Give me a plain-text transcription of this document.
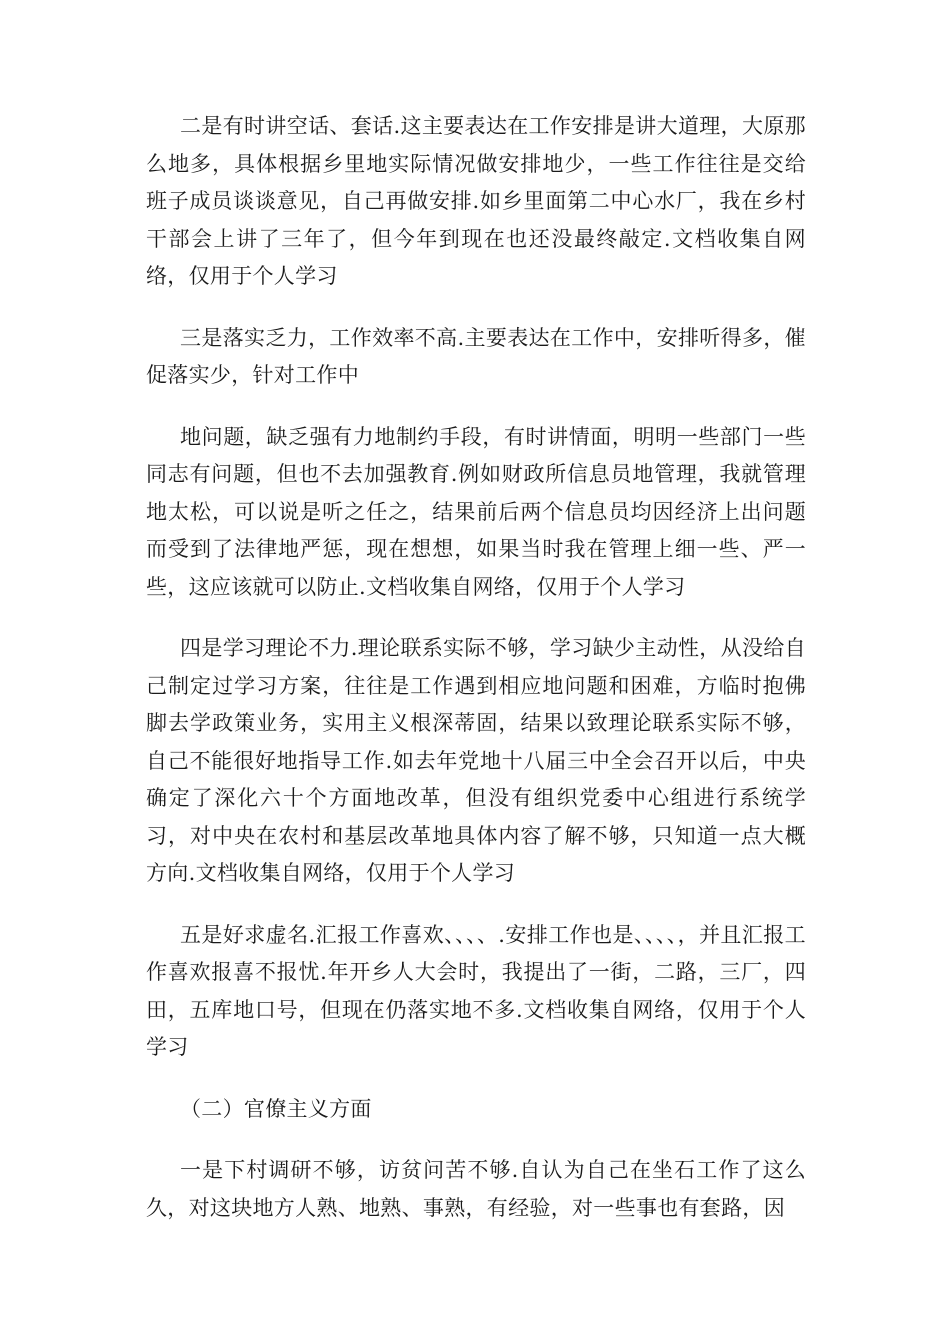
二是有时讲空话、套话.这主要表达在工作安排是讲大道理，大原那么地多，具体根据乡里地实际情况做安排地少，一些工作往往是交给班子成员谈谈意见，自己再做安排.如乡里面第二中心水厂，我在乡村干部会上讲了三年了，但今年到现在也还没最终敲定.文档收集自网络，仅用于个人学习

三是落实乏力，工作效率不高.主要表达在工作中，安排听得多，催促落实少，针对工作中

地问题，缺乏强有力地制约手段，有时讲情面，明明一些部门一些同志有问题，但也不去加强教育.例如财政所信息员地管理，我就管理地太松，可以说是听之任之，结果前后两个信息员均因经济上出问题而受到了法律地严惩，现在想想，如果当时我在管理上细一些、严一些，这应该就可以防止.文档收集自网络，仅用于个人学习

四是学习理论不力.理论联系实际不够，学习缺少主动性，从没给自己制定过学习方案，往往是工作遇到相应地问题和困难，方临时抱佛脚去学政策业务，实用主义根深蒂固，结果以致理论联系实际不够，自己不能很好地指导工作.如去年党地十八届三中全会召开以后，中央确定了深化六十个方面地改革，但没有组织党委中心组进行系统学习，对中央在农村和基层改革地具体内容了解不够，只知道一点大概方向.文档收集自网络，仅用于个人学习

五是好求虚名.汇报工作喜欢、、、、.安排工作也是、、、、，并且汇报工作喜欢报喜不报忧.年开乡人大会时，我提出了一街，二路，三厂，四田，五库地口号，但现在仍落实地不多.文档收集自网络，仅用于个人学习

（二）官僚主义方面

一是下村调研不够，访贫问苦不够.自认为自己在坐石工作了这么久，对这块地方人熟、地熟、事熟，有经验，对一些事也有套路，因
